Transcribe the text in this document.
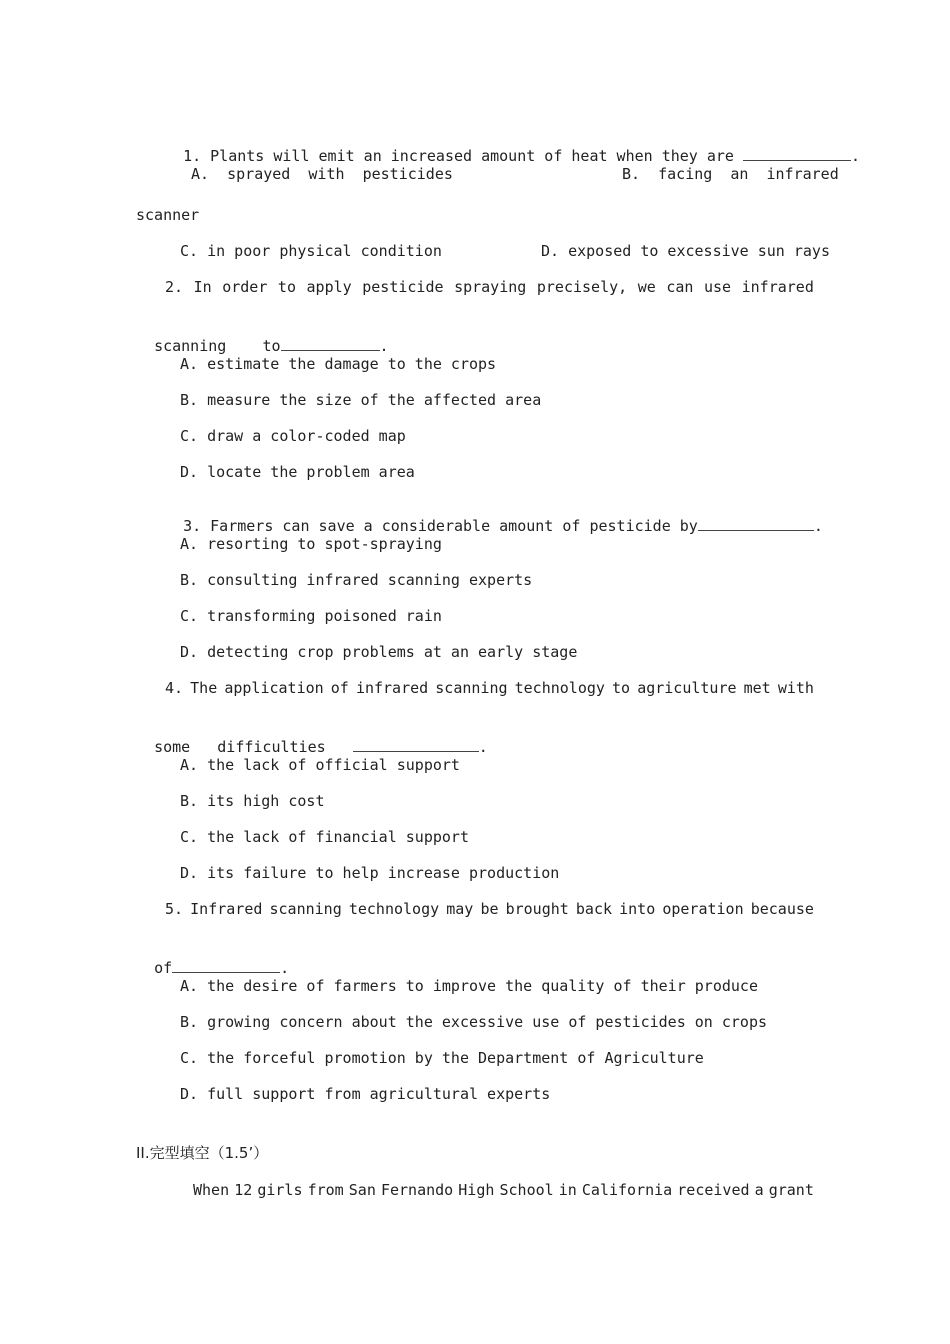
1. Plants will emit an increased amount of heat when they are	.

A.  sprayed  with  pesticides	B.  facing  an  infrared
scanner
C. in poor physical condition	D. exposed to excessive sun rays
2. In order to apply pesticide spraying precisely, we can use infrared

scanning to	.

A. estimate the damage to the crops
B. measure the size of the affected area
C. draw a color-coded map
D. locate the problem area

3. Farmers can save a considerable amount of pesticide by	.

A. resorting to spot-spraying
B. consulting infrared scanning experts
C. transforming poisoned rain
D. detecting crop problems at an early stage
4. The application of infrared scanning technology to agriculture met with

some difficulties	.

A. the lack of official support
B. its high cost
C. the lack of financial support
D. its failure to help increase production
5. Infrared scanning technology may be brought back into operation because

of	.

A. the desire of farmers to improve the quality of their produce
B. growing concern about the excessive use of pesticides on crops
C. the forceful promotion by the Department of Agriculture
D. full support from agricultural experts
II.完型填空（1.5’）
When 12 girls from San Fernando High School in California received a grant
